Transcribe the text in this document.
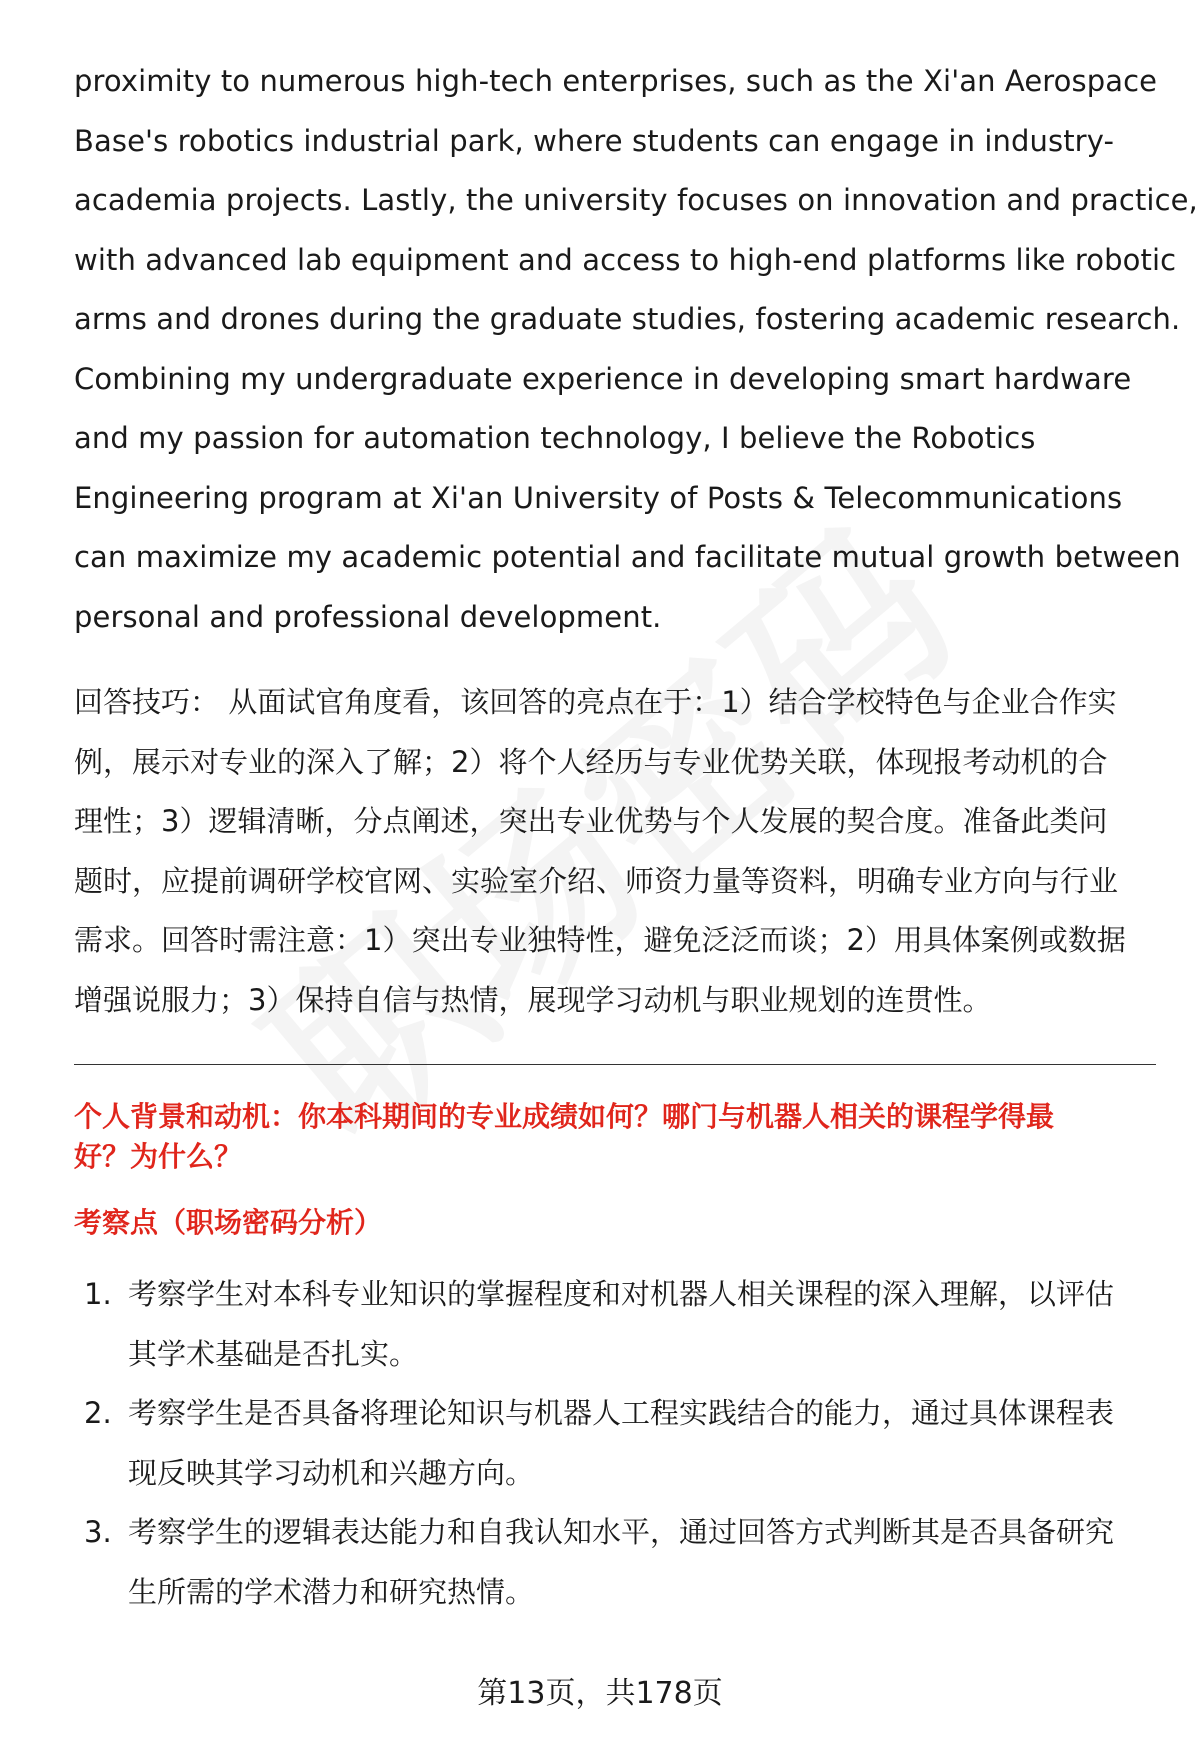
proximity to numerous high-tech enterprises, such as the Xi'an Aerospace
Base's robotics industrial park, where students can engage in industry-
academia projects. Lastly, the university focuses on innovation and practice,
with advanced lab equipment and access to high-end platforms like robotic
arms and drones during the graduate studies, fostering academic research.
Combining my undergraduate experience in developing smart hardware
and my passion for automation technology, I believe the Robotics
Engineering program at Xi'an University of Posts & Telecommunications
can maximize my academic potential and facilitate mutual growth between
personal and professional development.

回答技巧： 从面试官角度看，该回答的亮点在于：1）结合学校特色与企业合作实
例，展示对专业的深入了解；2）将个人经历与专业优势关联，体现报考动机的合
理性；3）逻辑清晰，分点阐述，突出专业优势与个人发展的契合度。准备此类问
题时，应提前调研学校官网、实验室介绍、师资力量等资料，明确专业方向与行业
需求。回答时需注意：1）突出专业独特性，避免泛泛而谈；2）用具体案例或数据
增强说服力；3）保持自信与热情，展现学习动机与职业规划的连贯性。

个人背景和动机：你本科期间的专业成绩如何？哪门与机器人相关的课程学得最
好？为什么？
考察点（职场密码分析）
1. 考察学生对本科专业知识的掌握程度和对机器人相关课程的深入理解，以评估
其学术基础是否扎实。
2. 考察学生是否具备将理论知识与机器人工程实践结合的能力，通过具体课程表
现反映其学习动机和兴趣方向。
3. 考察学生的逻辑表达能力和自我认知水平，通过回答方式判断其是否具备研究
生所需的学术潜力和研究热情。
第13页，共178页
